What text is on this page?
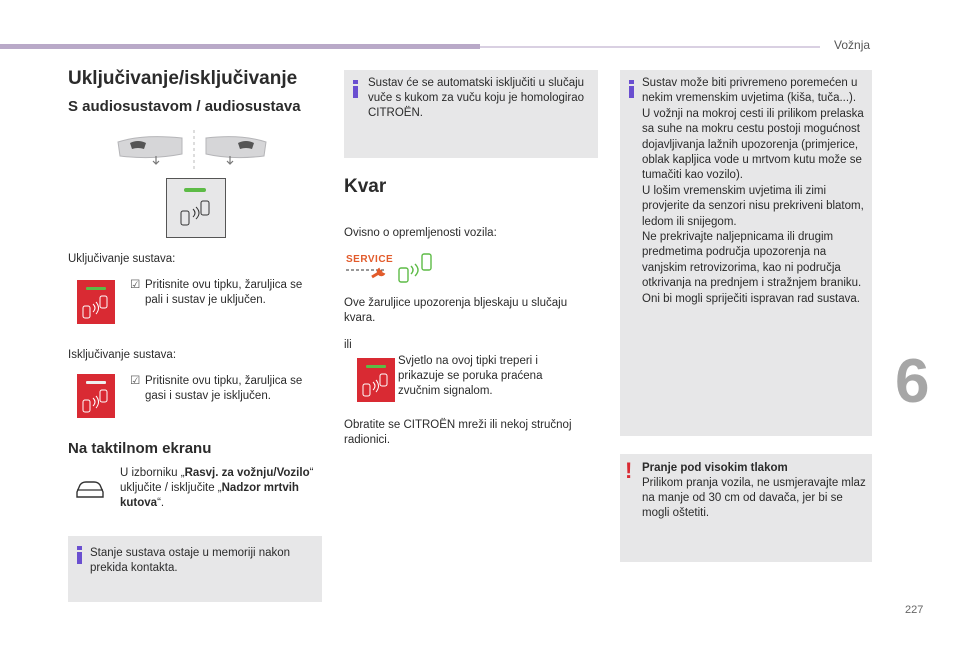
Vožnja
6
227
Uključivanje/isključivanje
S audiosustavom / audiosustava
Uključivanje sustava:
☑ Pritisnite ovu tipku, žaruljica se pali i sustav je uključen.
Isključivanje sustava:
☑ Pritisnite ovu tipku, žaruljica se gasi i sustav je isključen.
Na taktilnom ekranu
U izborniku „Rasvj. za vožnju/Vozilo“ uključite / isključite „Nadzor mrtvih kutova“.
Stanje sustava ostaje u memoriji nakon prekida kontakta.
Sustav će se automatski isključiti u slučaju vuče s kukom za vuču koju je homologirao CITROËN.
Kvar
Ovisno o opremljenosti vozila:
SERVICE
Ove žaruljice upozorenja bljeskaju u slučaju kvara.
ili
Svjetlo na ovoj tipki treperi i prikazuje se poruka praćena zvučnim signalom.
Obratite se CITROËN mreži ili nekoj stručnoj radionici.
Sustav može biti privremeno poremećen u nekim vremenskim uvjetima (kiša, tuča...).
U vožnji na mokroj cesti ili prilikom prelaska sa suhe na mokru cestu postoji mogućnost dojavljivanja lažnih upozorenja (primjerice, oblak kapljica vode u mrtvom kutu može se tumačiti kao vozilo).
U lošim vremenskim uvjetima ili zimi provjerite da senzori nisu prekriveni blatom, ledom ili snijegom.
Ne prekrivajte naljepnicama ili drugim predmetima područja upozorenja na vanjskim retrovizorima, kao ni područja otkrivanja na prednjem i stražnjem braniku. Oni bi mogli spriječiti ispravan rad sustava.
! Pranje pod visokim tlakom
Prilikom pranja vozila, ne usmjeravajte mlaz na manje od 30 cm od davača, jer bi se mogli oštetiti.
